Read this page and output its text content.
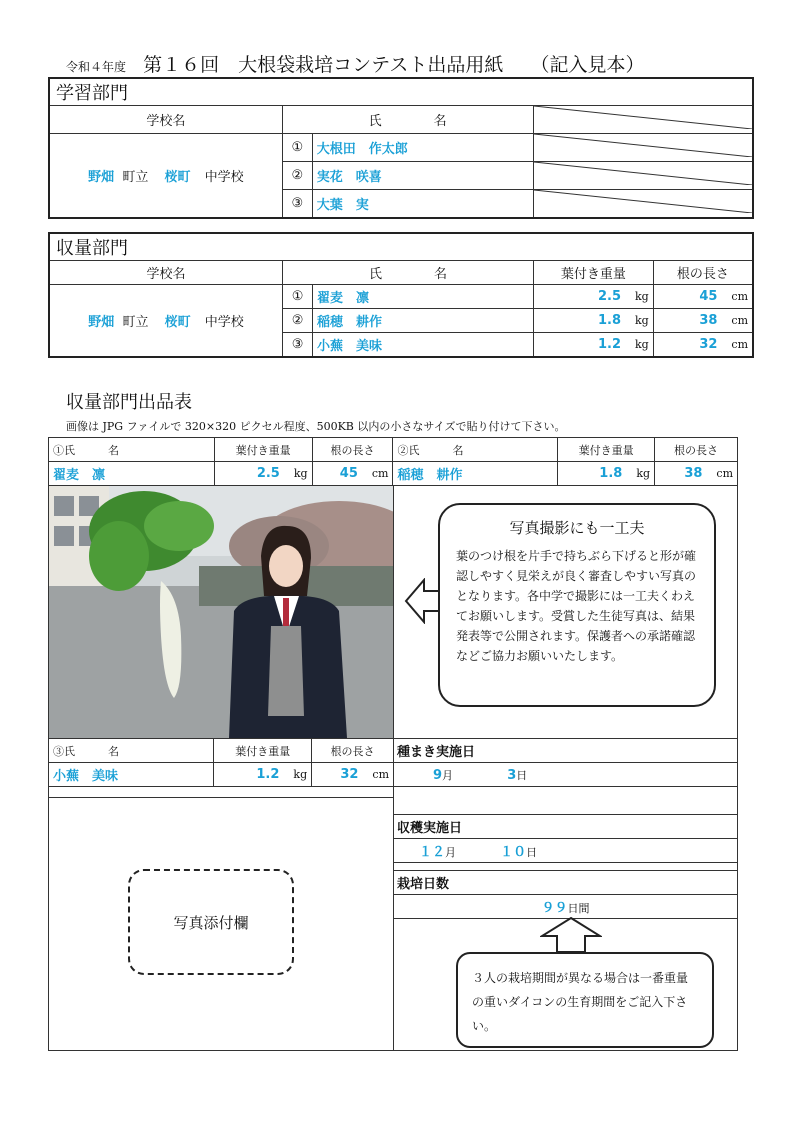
令和４年度 第１６回　大根袋栽培コンテスト出品用紙 （記入見本）
学習部門			
学校名	氏　　　　名	
野畑 町立 桜町 中学校	①	大根田　作太郎	
	②	実花　咲喜	
	③	大葉　実	
収量部門				
学校名	氏　　　　名		葉付き重量	根の長さ
野畑 町立 桜町 中学校	①	翟麦　凛	2.5 kg	45 cm
	②	稲穂　耕作	1.8 kg	38 cm
	③	小蕪　美味	1.2 kg	32 cm
収量部門出品表
画像は JPG ファイルで 320×320 ピクセル程度、500KB 以内の小さなサイズで貼り付けて下さい。
①氏　　　名	葉付き重量	根の長さ	②氏　　　名	葉付き重量	根の長さ
翟麦　凛	2.5 kg	45 cm	稲穂　耕作	1.8 kg	38 cm
写真撮影にも一工夫
葉のつけ根を片手で持ちぶら下げると形が確認しやすく見栄えが良く審査しやすい写真のとなります。各中学で撮影には一工夫くわえてお願いします。受賞した生徒写真は、結果発表等で公開されます。保護者への承諾確認などご協力お願いいたします。
③氏　　　名	葉付き重量	根の長さ
小蕪　美味	1.2 kg	32 cm
種まき実施日
9月	3日

収穫実施日
１２月	１０日

栽培日数
９９日間
写真添付欄
３人の栽培期間が異なる場合は一番重量の重いダイコンの生育期間をご記入下さい。
